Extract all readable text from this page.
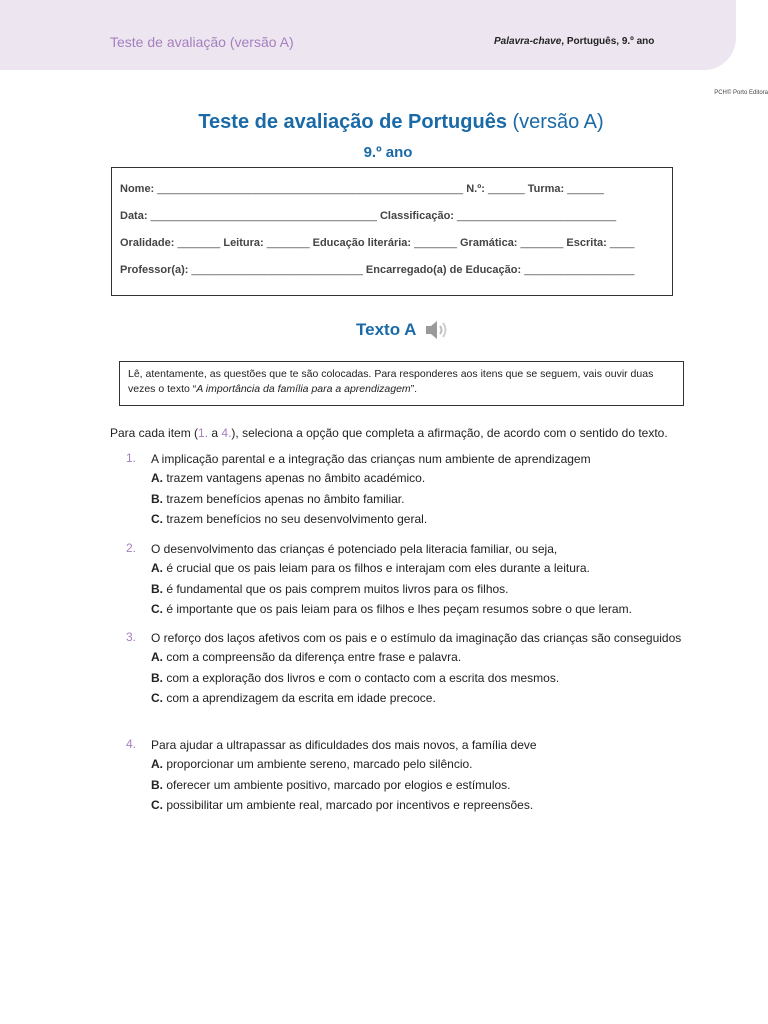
Teste de avaliação (versão A)	Palavra-chave, Português, 9.º ano
PCH© Porto Editora
Teste de avaliação de Português (versão A)
9.º ano
Nome: __________________________________________________ N.º: ______ Turma: ______
Data: _____________________________________ Classificação: __________________________
Oralidade: _______ Leitura: _______ Educação literária: _______ Gramática: _______ Escrita: ____
Professor(a): ____________________________ Encarregado(a) de Educação: __________________
Texto A
Lê, atentamente, as questões que te são colocadas. Para responderes aos itens que se seguem, vais ouvir duas vezes o texto “A importância da família para a aprendizagem”.
Para cada item (1. a 4.), seleciona a opção que completa a afirmação, de acordo com o sentido do texto.
1. A implicação parental e a integração das crianças num ambiente de aprendizagem
A. trazem vantagens apenas no âmbito académico.
B. trazem benefícios apenas no âmbito familiar.
C. trazem benefícios no seu desenvolvimento geral.
2. O desenvolvimento das crianças é potenciado pela literacia familiar, ou seja,
A. é crucial que os pais leiam para os filhos e interajam com eles durante a leitura.
B. é fundamental que os pais comprem muitos livros para os filhos.
C. é importante que os pais leiam para os filhos e lhes peçam resumos sobre o que leram.
3. O reforço dos laços afetivos com os pais e o estímulo da imaginação das crianças são conseguidos
A. com a compreensão da diferença entre frase e palavra.
B. com a exploração dos livros e com o contacto com a escrita dos mesmos.
C. com a aprendizagem da escrita em idade precoce.
4. Para ajudar a ultrapassar as dificuldades dos mais novos, a família deve
A. proporcionar um ambiente sereno, marcado pelo silêncio.
B. oferecer um ambiente positivo, marcado por elogios e estímulos.
C. possibilitar um ambiente real, marcado por incentivos e repreensões.
